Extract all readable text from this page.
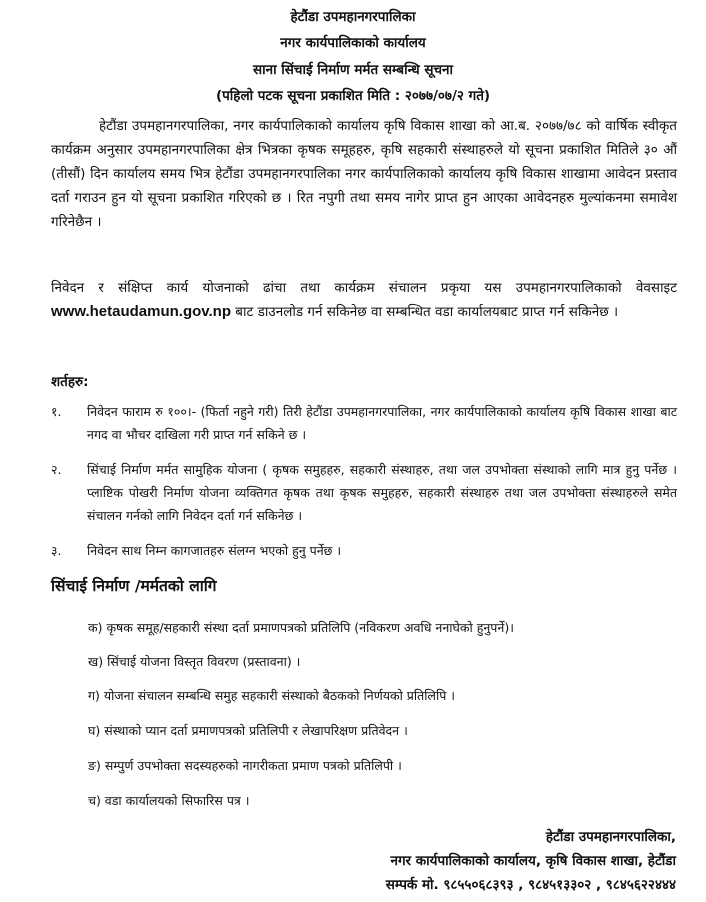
हेटौंडा उपमहानगरपालिका
नगर कार्यपालिकाको कार्यालय
साना सिंचाई निर्माण मर्मत सम्बन्धि सूचना
(पहिलो पटक सूचना प्रकाशित मिति : २०७७/०७/२ गते)
हेटौंडा उपमहानगरपालिका, नगर कार्यपालिकाको कार्यालय कृषि विकास शाखा को आ.ब. २०७७/७८ को वार्षिक स्वीकृत कार्यक्रम अनुसार उपमहानगरपालिका क्षेत्र भित्रका कृषक समूहहरु, कृषि सहकारी संस्थाहरुले यो सूचना प्रकाशित मितिले ३० औं (तीसौं) दिन कार्यालय समय भित्र हेटौंडा उपमहानगरपालिका नगर कार्यपालिकाको कार्यालय कृषि विकास शाखामा आवेदन प्रस्ताव दर्ता गराउन हुन यो सूचना प्रकाशित गरिएको छ । रित नपुगी तथा समय नागेर प्राप्त हुन आएका आवेदनहरु मुल्यांकनमा समावेश गरिनेछैन ।
निवेदन र संक्षिप्त कार्य योजनाको ढांचा तथा कार्यक्रम संचालन प्रकृया यस उपमहानगरपालिकाको वेवसाइट www.hetaudamun.gov.np बाट डाउनलोड गर्न सकिनेछ वा सम्बन्धित वडा कार्यालयबाट प्राप्त गर्न सकिनेछ ।
शर्तहरु:
१.	निवेदन फाराम रु १००।- (फिर्ता नहुने गरी) तिरी हेटौंडा उपमहानगरपालिका, नगर कार्यपालिकाको कार्यालय कृषि विकास शाखा बाट नगद वा भौचर दाखिला गरी प्राप्त गर्न सकिने छ ।
२.	सिंचाई निर्माण मर्मत सामुहिक योजना ( कृषक समुहहरु, सहकारी संस्थाहरु, तथा जल उपभोक्ता संस्थाको लागि मात्र हुनु पर्नेछ । प्लाष्टिक पोखरी निर्माण योजना व्यक्तिगत कृषक तथा कृषक समुहहरु, सहकारी संस्थाहरु तथा जल उपभोक्ता संस्थाहरुले समेत संचालन गर्नको लागि निवेदन दर्ता गर्न सकिनेछ ।
३.	निवेदन साथ निम्न कागजातहरु संलग्न भएको हुनु पर्नेछ ।
सिंचाई निर्माण /मर्मतको लागि
क) कृषक समूह/सहकारी संस्था दर्ता प्रमाणपत्रको प्रतिलिपि (नविकरण अवधि ननाघेको हुनुपर्ने)।
ख) सिंचाई योजना विस्तृत विवरण (प्रस्तावना) ।
ग) योजना संचालन सम्बन्धि समुह सहकारी संस्थाको बैठकको निर्णयको प्रतिलिपि ।
घ) संस्थाको प्यान दर्ता प्रमाणपत्रको प्रतिलिपी र लेखापरिक्षण प्रतिवेदन ।
ङ) सम्पुर्ण उपभोक्ता सदस्यहरुको नागरीकता प्रमाण पत्रको प्रतिलिपी ।
च) वडा कार्यालयको सिफारिस पत्र ।
हेटौंडा उपमहानगरपालिका,
नगर कार्यपालिकाको कार्यालय, कृषि विकास शाखा, हेटौंडा
सम्पर्क मो. ९८५५०६८३९३ , ९८४५१३३०२ , ९८४५६२२४४४
